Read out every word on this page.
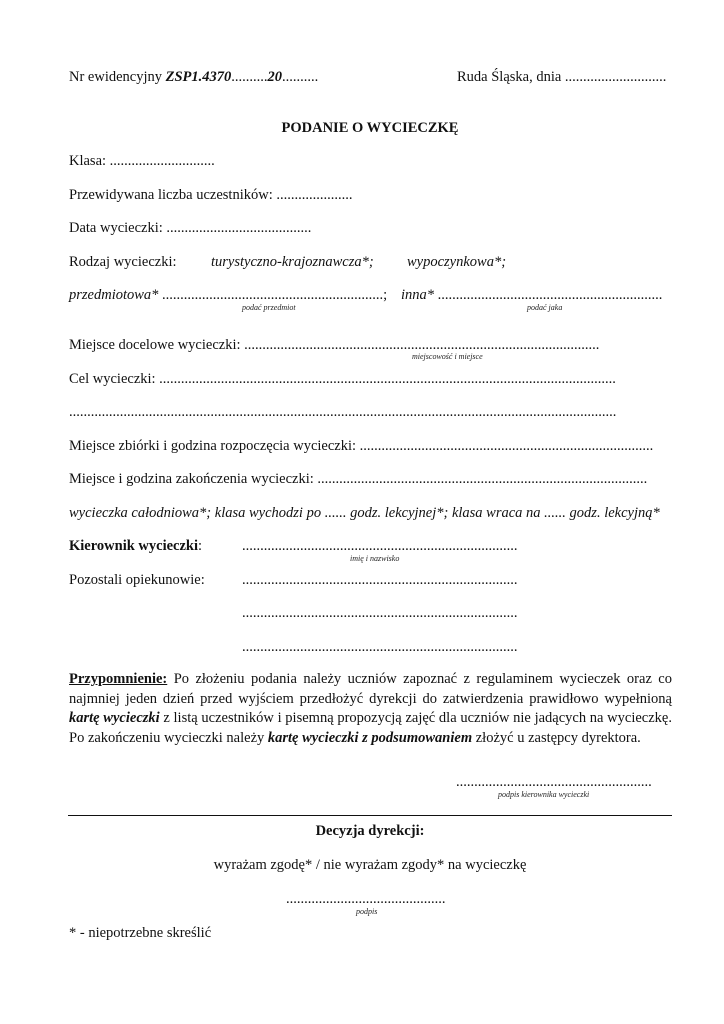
Nr ewidencyjny ZSP1.4370..........20..........	Ruda Śląska, dnia ............................
PODANIE O WYCIECZKĘ
Klasa: .............................
Przewidywana liczba uczestników: .....................
Data wycieczki: ........................................
Rodzaj wycieczki: turystyczno-krajoznawcza*; wypoczynkowa*;
przedmiotowa* .............................................................;
podać przedmiot
inna* ..............................................................
podać jaka
Miejsce docelowe wycieczki: ..................................................................................................
miejscowość i miejsce
Cel wycieczki: ..............................................................................................................................
.......................................................................................................................................................
Miejsce zbiórki i godzina rozpoczęcia wycieczki: .................................................................................
Miejsce i godzina zakończenia wycieczki: ...........................................................................................
wycieczka całodniowa*; klasa wychodzi po ...... godz. lekcyjnej*; klasa wraca na ...... godz. lekcyjną*
Kierownik wycieczki:	............................................................................
imię i nazwisko
Pozostali opiekunowie:	............................................................................
............................................................................
............................................................................
Przypomnienie: Po złożeniu podania należy uczniów zapoznać z regulaminem wycieczek oraz co najmniej jeden dzień przed wyjściem przedłożyć dyrekcji do zatwierdzenia prawidłowo wypełnioną kartę wycieczki z listą uczestników i pisemną propozycją zajęć dla uczniów nie jadących na wycieczkę. Po zakończeniu wycieczki należy kartę wycieczki z podsumowaniem złożyć u zastępcy dyrektora.
......................................................
podpis kierownika wycieczki
Decyzja dyrekcji:
wyrażam zgodę* / nie wyrażam zgody* na wycieczkę
............................................
podpis
* - niepotrzebne skreślić
